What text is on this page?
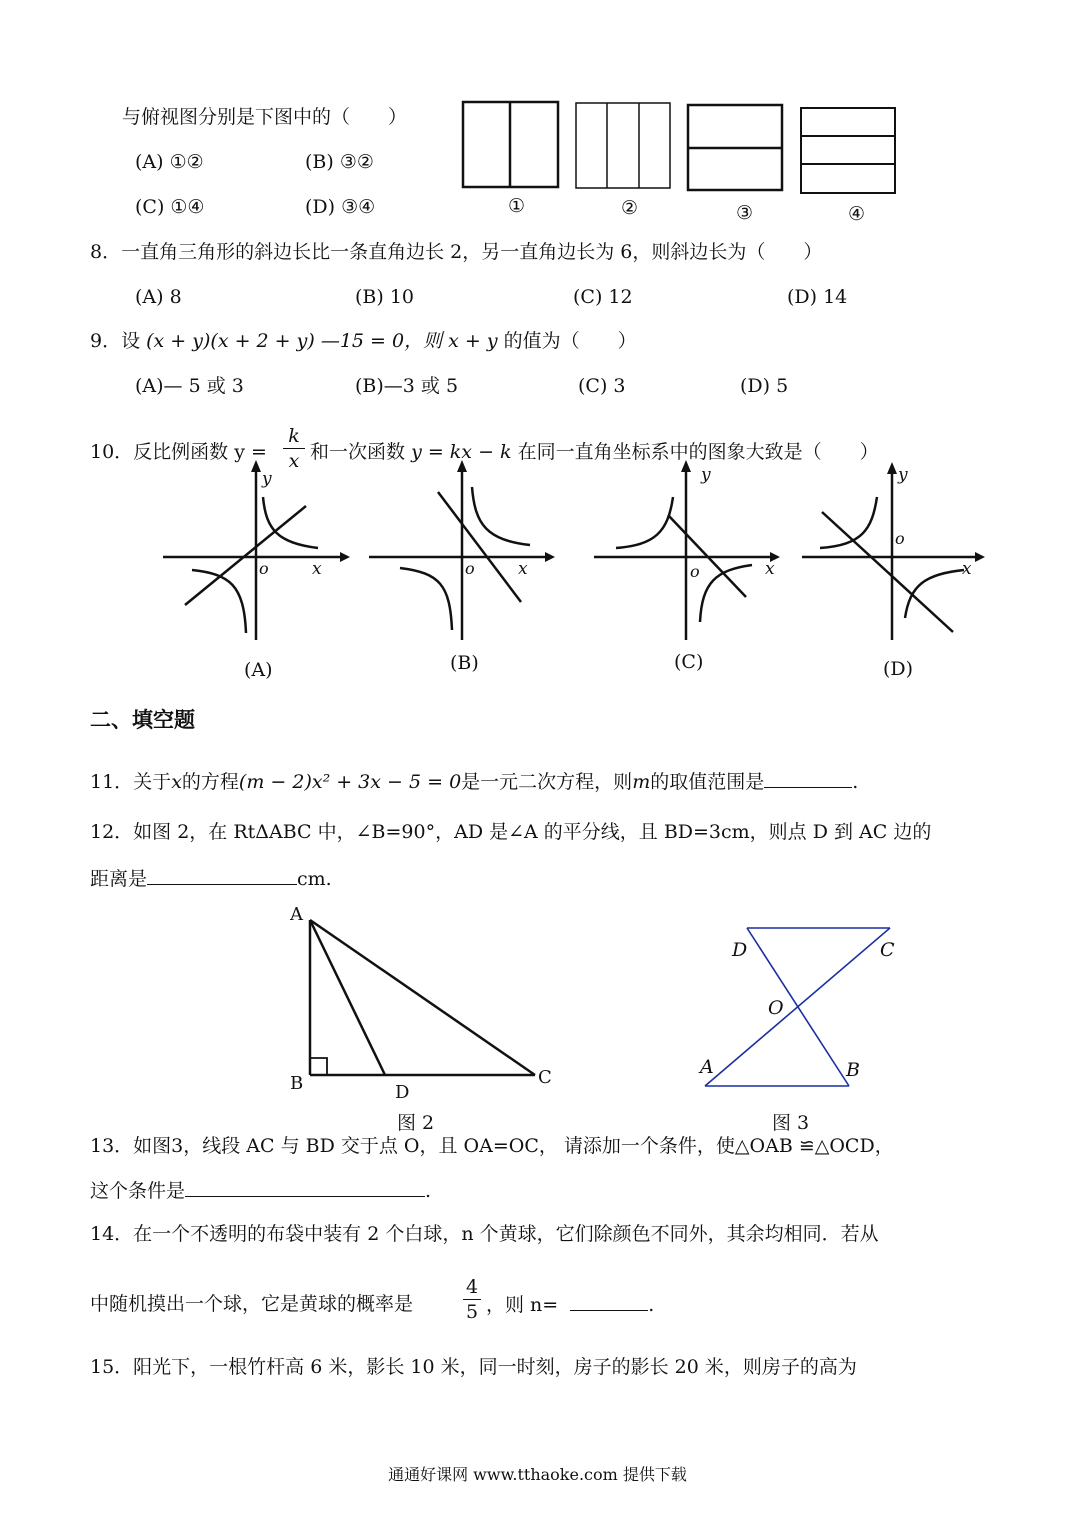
与俯视图分别是下图中的（　　）
(A) ①②	(B) ③②
(C) ①④	(D) ③④	①	②	③	④
8．一直角三角形的斜边长比一条直角边长 2，另一直角边长为 6，则斜边长为（　　）
(A) 8	(B) 10	(C) 12	(D) 14
9．设 (x + y)(x + 2 + y) —15 = 0，则 x + y 的值为（　　）
(A)— 5 或 3	(B)—3 或 5	(C) 3	(D) 5
10．反比例函数 y =
k
x 和一次函数 y = kx − k 在同一直角坐标系中的图象大致是（　　）
y
x
o
(A)
x
o
(B)
y
x
o
(C)
y
x
o
(D)
二、填空题
11．关于x的方程(m − 2)x² + 3x − 5 = 0是一元二次方程，则m的取值范围是	.
12．如图 2，在 RtΔABC 中，∠B=90°，AD 是∠A 的平分线，且 BD=3cm，则点 D 到 AC 边的
距离是	cm.
A
B	C
D
图 2
D	C
O
A	B
图 3
13．如图3，线段 AC 与 BD 交于点 O，且 OA=OC， 请添加一个条件，使△OAB ≌△OCD，
这个条件是	.
14．在一个不透明的布袋中装有 2 个白球，n 个黄球，它们除颜色不同外，其余均相同．若从
中随机摸出一个球，它是黄球的概率是
4
5 ，则 n=	.
15．阳光下，一根竹杆高 6 米，影长 10 米，同一时刻，房子的影长 20 米，则房子的高为
通通好课网 www.tthaoke.com 提供下载
